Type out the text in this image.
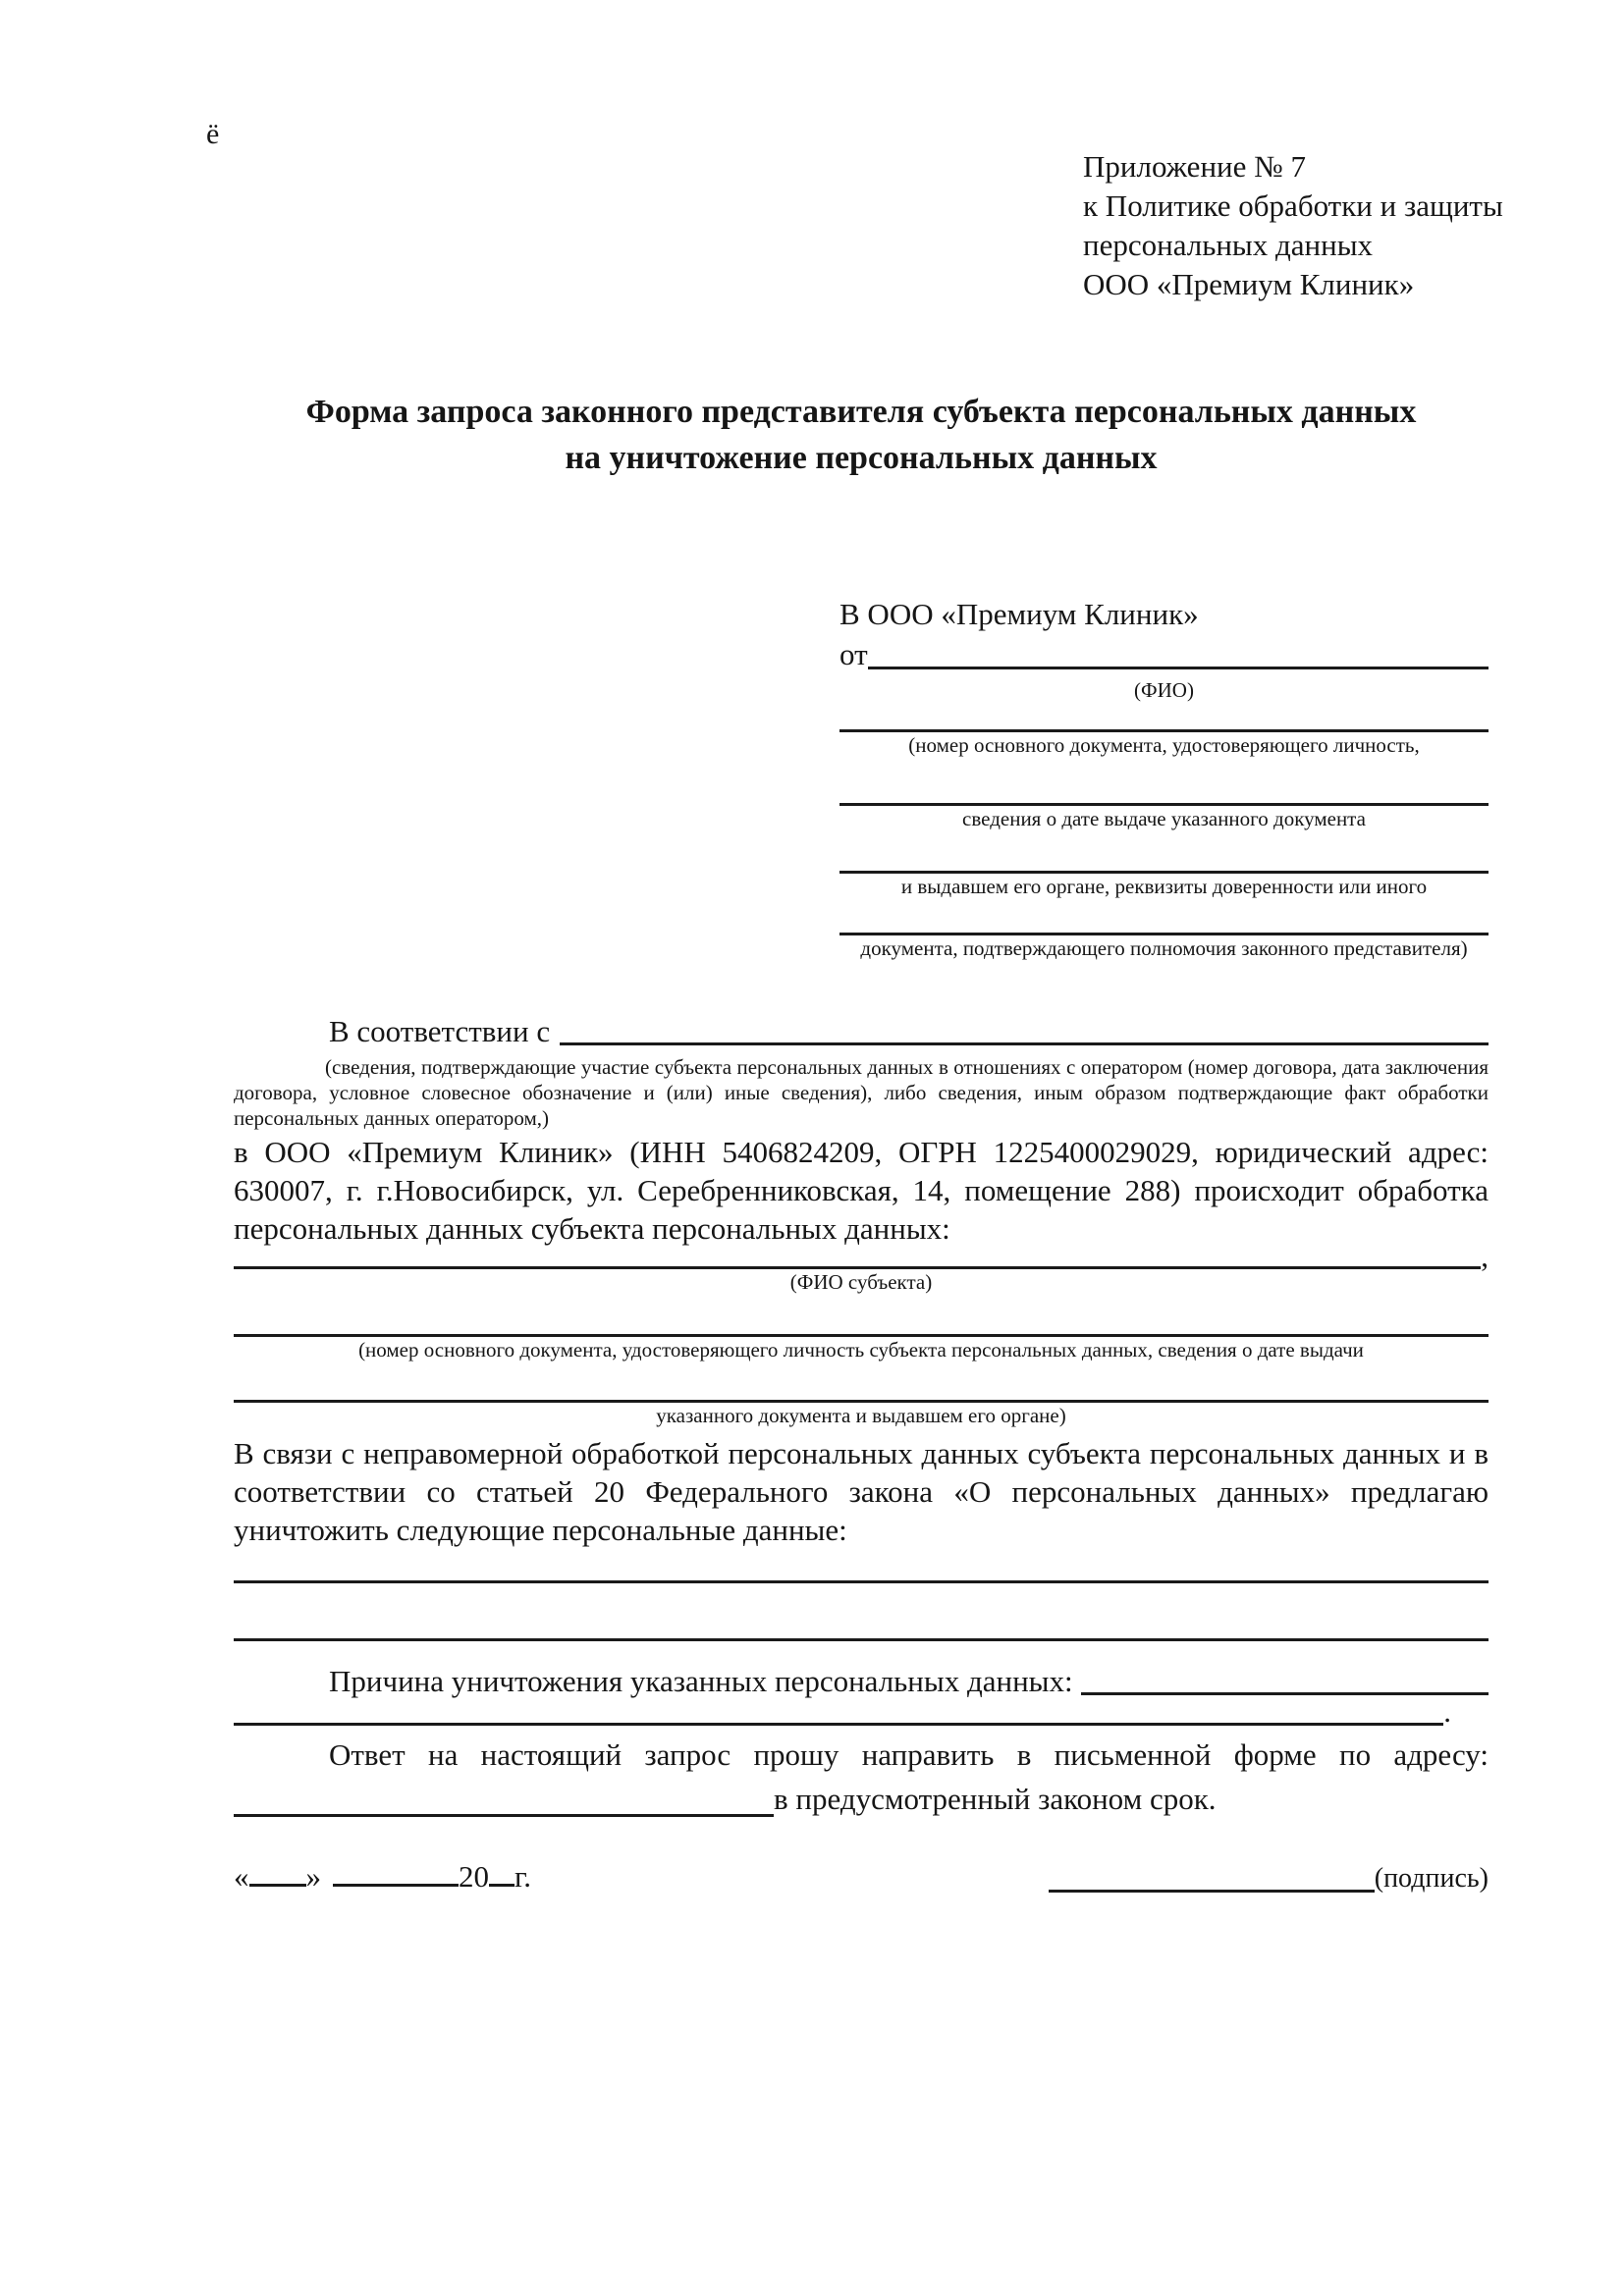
ё
Приложение № 7
к Политике обработки и защиты
персональных данных
ООО «Премиум Клиник»
Форма запроса законного представителя субъекта персональных данных
на уничтожение персональных данных
В ООО «Премиум Клиник»
от
(ФИО)
(номер основного документа, удостоверяющего личность,
сведения о дате выдаче указанного документа
и выдавшем его органе, реквизиты доверенности или иного
документа, подтверждающего полномочия законного представителя)
В соответствии с
(сведения, подтверждающие участие субъекта персональных данных в отношениях с оператором (номер договора, дата заключения договора, условное словесное обозначение и (или) иные сведения), либо сведения, иным образом подтверждающие факт обработки персональных данных оператором,)
в ООО «Премиум Клиник» (ИНН 5406824209, ОГРН 1225400029029, юридический адрес: 630007, г. г.Новосибирск, ул. Серебренниковская, 14, помещение 288) происходит обработка персональных данных субъекта персональных данных:
,
(ФИО субъекта)
(номер основного документа, удостоверяющего личность субъекта персональных данных, сведения о дате выдачи
указанного документа и выдавшем его органе)
В связи с неправомерной обработкой персональных данных субъекта персональных данных и в соответствии со статьей 20 Федерального закона «О персональных данных» предлагаю уничтожить следующие персональные данные:
Причина уничтожения указанных персональных данных:
.
Ответ на настоящий запрос прошу направить в письменной форме по адресу:
в предусмотренный законом срок.
« »	20 г.	(подпись)
